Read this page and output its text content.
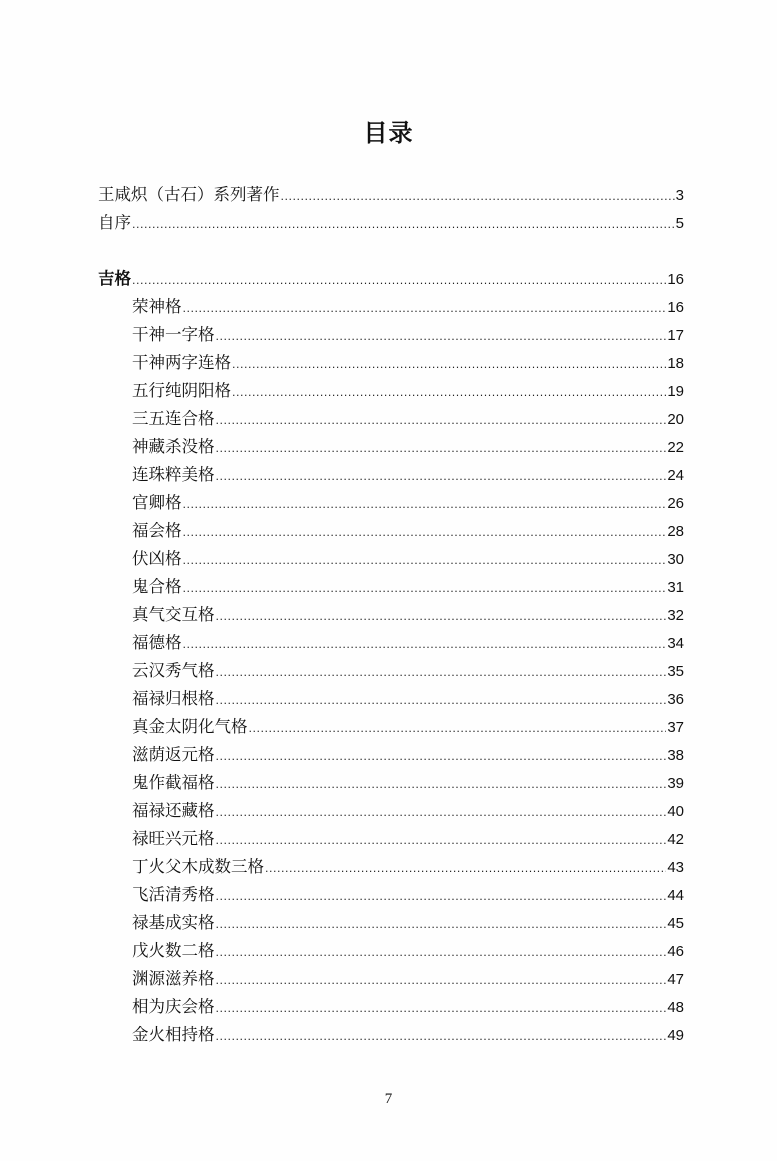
目录
王咸炽（古石）系列著作 .....	3
自序 .....	5
吉格 .....	16
荣神格 .....	16
干神一字格 .....	17
干神两字连格 .....	18
五行纯阴阳格 .....	19
三五连合格 .....	20
神藏杀没格 .....	22
连珠粹美格 .....	24
官卿格 .....	26
福会格 .....	28
伏凶格 .....	30
鬼合格 .....	31
真气交互格 .....	32
福德格 .....	34
云汉秀气格 .....	35
福禄归根格 .....	36
真金太阴化气格 .....	37
滋荫返元格 .....	38
鬼作截福格 .....	39
福禄还藏格 .....	40
禄旺兴元格 .....	42
丁火父木成数三格 .....	43
飞活清秀格 .....	44
禄基成实格 .....	45
戊火数二格 .....	46
渊源滋养格 .....	47
相为庆会格 .....	48
金火相持格 .....	49
7
